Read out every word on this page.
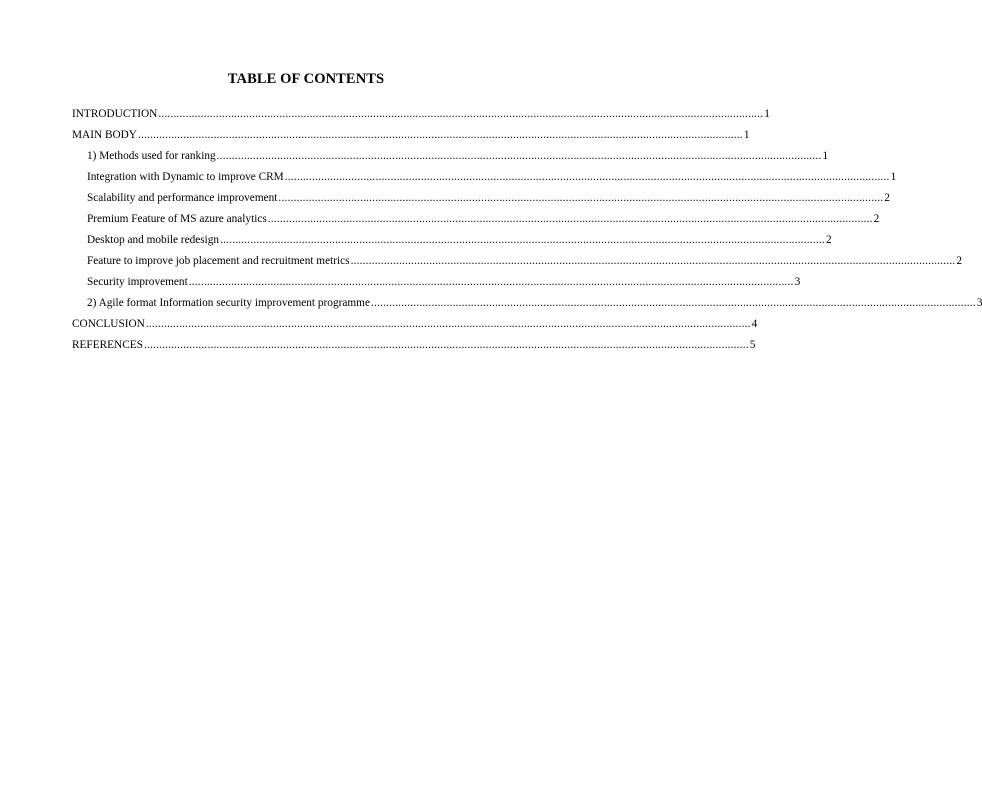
TABLE OF CONTENTS
INTRODUCTION ........................................................................................................................................................................................................ 1
MAIN BODY ........................................................................................................................................................................................................ 1
1) Methods used for ranking ........................................................................................................................................................................................................ 1
Integration with Dynamic to improve CRM ........................................................................................................................................................................................................ 1
Scalability and performance improvement ........................................................................................................................................................................................................ 2
Premium Feature of MS azure analytics ........................................................................................................................................................................................................ 2
Desktop and mobile redesign ........................................................................................................................................................................................................ 2
Feature to improve job placement and recruitment metrics ........................................................................................................................................................................................................ 2
Security improvement ........................................................................................................................................................................................................ 3
2) Agile format Information security improvement programme ........................................................................................................................................................................................................ 3
CONCLUSION ........................................................................................................................................................................................................ 4
REFERENCES ........................................................................................................................................................................................................ 5
